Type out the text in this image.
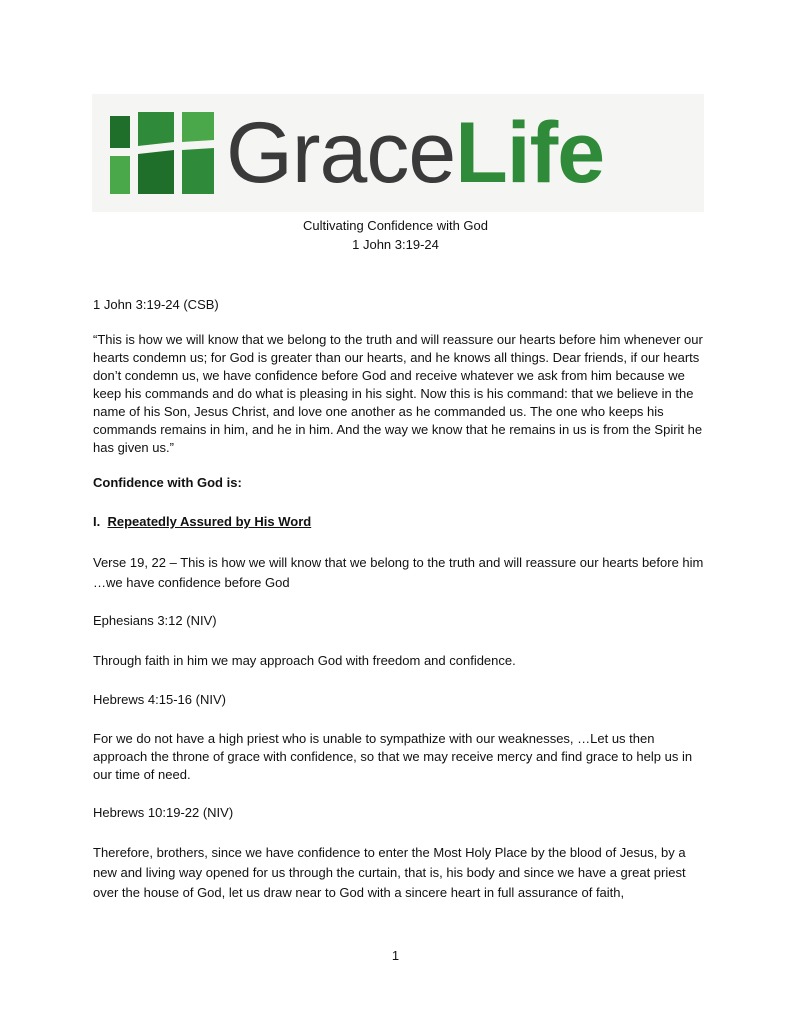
GraceLife
Cultivating Confidence with God
1 John 3:19-24

1 John 3:19-24 (CSB)

“This is how we will know that we belong to the truth and will reassure our hearts before him whenever our hearts condemn us; for God is greater than our hearts, and he knows all things. Dear friends, if our hearts don’t condemn us, we have confidence before God and receive whatever we ask from him because we keep his commands and do what is pleasing in his sight. Now this is his command: that we believe in the name of his Son, Jesus Christ, and love one another as he commanded us. The one who keeps his commands remains in him, and he in him. And the way we know that he remains in us is from the Spirit he has given us.”

Confidence with God is:

I. Repeatedly Assured by His Word

Verse 19, 22 – This is how we will know that we belong to the truth and will reassure our hearts before him …we have confidence before God

Ephesians 3:12 (NIV)

Through faith in him we may approach God with freedom and confidence.

Hebrews 4:15-16 (NIV)

For we do not have a high priest who is unable to sympathize with our weaknesses, …Let us then approach the throne of grace with confidence, so that we may receive mercy and find grace to help us in our time of need.

Hebrews 10:19-22 (NIV)

Therefore, brothers, since we have confidence to enter the Most Holy Place by the blood of Jesus, by a new and living way opened for us through the curtain, that is, his body and since we have a great priest over the house of God, let us draw near to God with a sincere heart in full assurance of faith,

1
